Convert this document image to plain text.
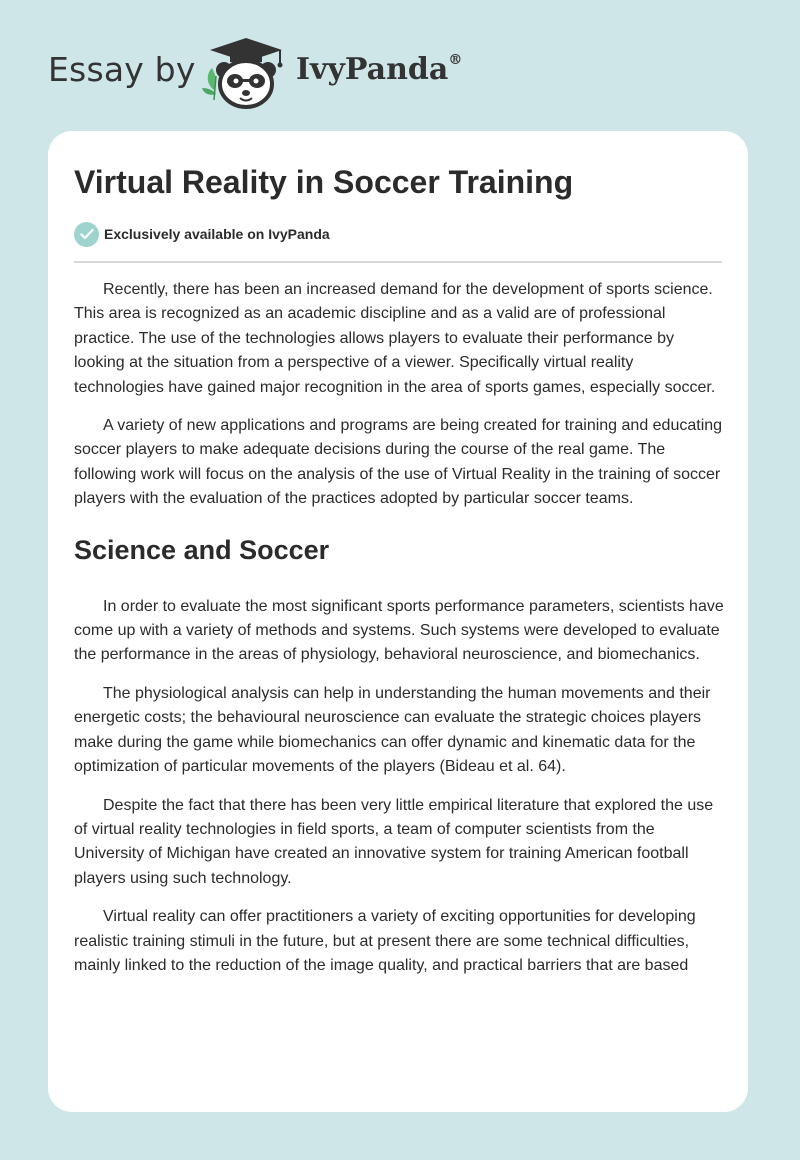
Essay by	IvyPanda®
Virtual Reality in Soccer Training
Exclusively available on IvyPanda

Recently, there has been an increased demand for the development of sports science. This area is recognized as an academic discipline and as a valid are of professional practice. The use of the technologies allows players to evaluate their performance by looking at the situation from a perspective of a viewer. Specifically virtual reality technologies have gained major recognition in the area of sports games, especially soccer.

A variety of new applications and programs are being created for training and educating soccer players to make adequate decisions during the course of the real game. The following work will focus on the analysis of the use of Virtual Reality in the training of soccer players with the evaluation of the practices adopted by particular soccer teams.

Science and Soccer

In order to evaluate the most significant sports performance parameters, scientists have come up with a variety of methods and systems. Such systems were developed to evaluate the performance in the areas of physiology, behavioral neuroscience, and biomechanics.

The physiological analysis can help in understanding the human movements and their energetic costs; the behavioural neuroscience can evaluate the strategic choices players make during the game while biomechanics can offer dynamic and kinematic data for the optimization of particular movements of the players (Bideau et al. 64).

Despite the fact that there has been very little empirical literature that explored the use of virtual reality technologies in field sports, a team of computer scientists from the University of Michigan have created an innovative system for training American football players using such technology.

Virtual reality can offer practitioners a variety of exciting opportunities for developing realistic training stimuli in the future, but at present there are some technical difficulties, mainly linked to the reduction of the image quality, and practical barriers that are based
